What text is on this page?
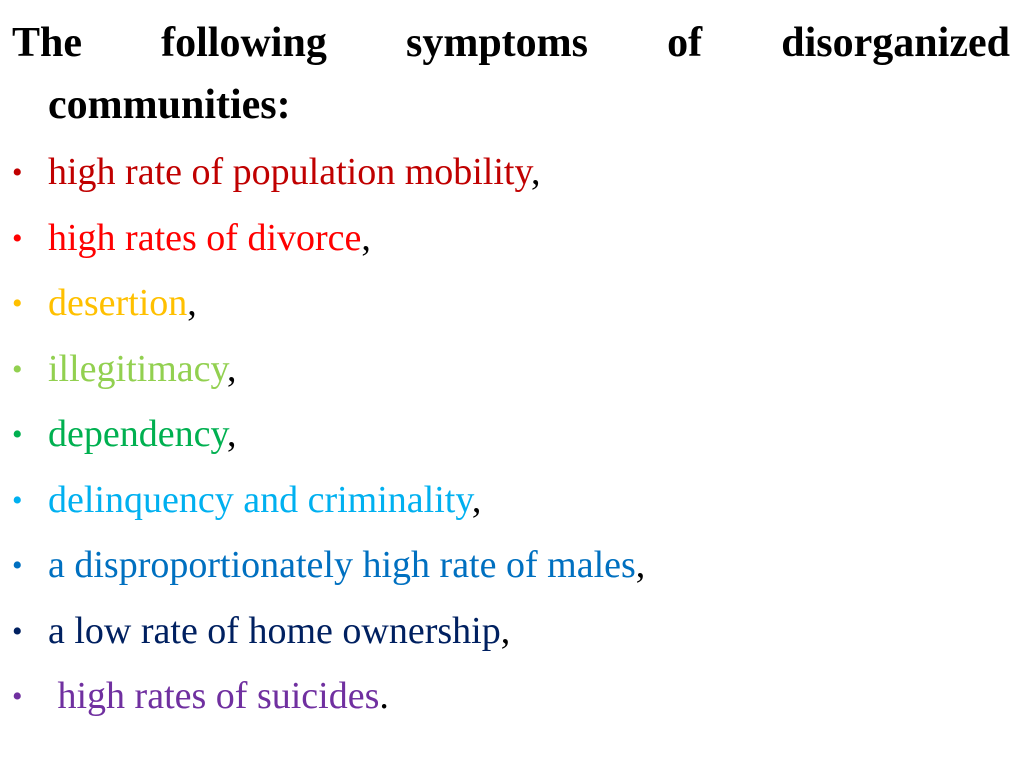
The following symptoms of disorganized
communities:
• high rate of population mobility,
• high rates of divorce,
• desertion,
• illegitimacy,
• dependency,
• delinquency and criminality,
• a disproportionately high rate of males,
• a low rate of home ownership,
• high rates of suicides.
